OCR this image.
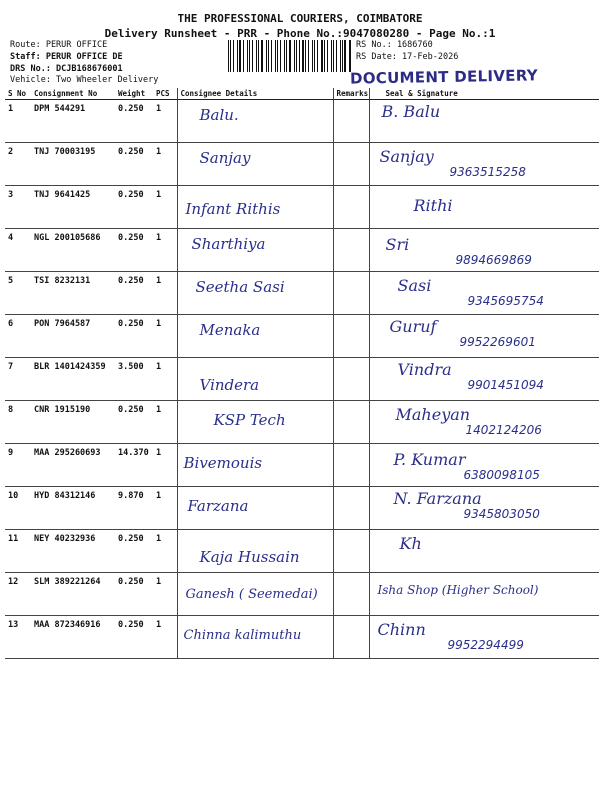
THE PROFESSIONAL COURIERS, COIMBATORE
Delivery Runsheet - PRR - Phone No.:9047080280 - Page No.:1
Route: PERUR OFFICE
Staff: PERUR OFFICE DE
DRS No.: DCJB168676001
Vehicle: Two Wheeler Delivery
RS No.: 1686760
RS Date: 17-Feb-2026
DOCUMENT DELIVERY
S No	Consignment No	Weight	PCS	Consignee Details	Remarks	Seal & Signature
1	DPM 544291	0.250	1	Balu.		B. Balu

2	TNJ 70003195	0.250	1	Sanjay		Sanjay
9363515258

3	TNJ 9641425	0.250	1	Infant Rithis		Rithi

4	NGL 200105686	0.250	1	Sharthiya		Sri
9894669869

5	TSI 8232131	0.250	1	Seetha Sasi		Sasi
9345695754

6	PON 7964587	0.250	1	Menaka		Guruf
9952269601

7	BLR 1401424359	3.500	1	Vindera		Vindra
9901451094

8	CNR 1915190	0.250	1	KSP Tech		Maheyan
1402124206

9	MAA 295260693	14.370	1	Bivemouis		P. Kumar
6380098105

10	HYD 84312146	9.870	1	Farzana		N. Farzana
9345803050

11	NEY 40232936	0.250	1	Kaja Hussain		Kh

12	SLM 389221264	0.250	1	Ganesh ( Seemedai)		Isha Shop (Higher School)

13	MAA 872346916	0.250	1	Chinna kalimuthu		Chinn
9952294499
